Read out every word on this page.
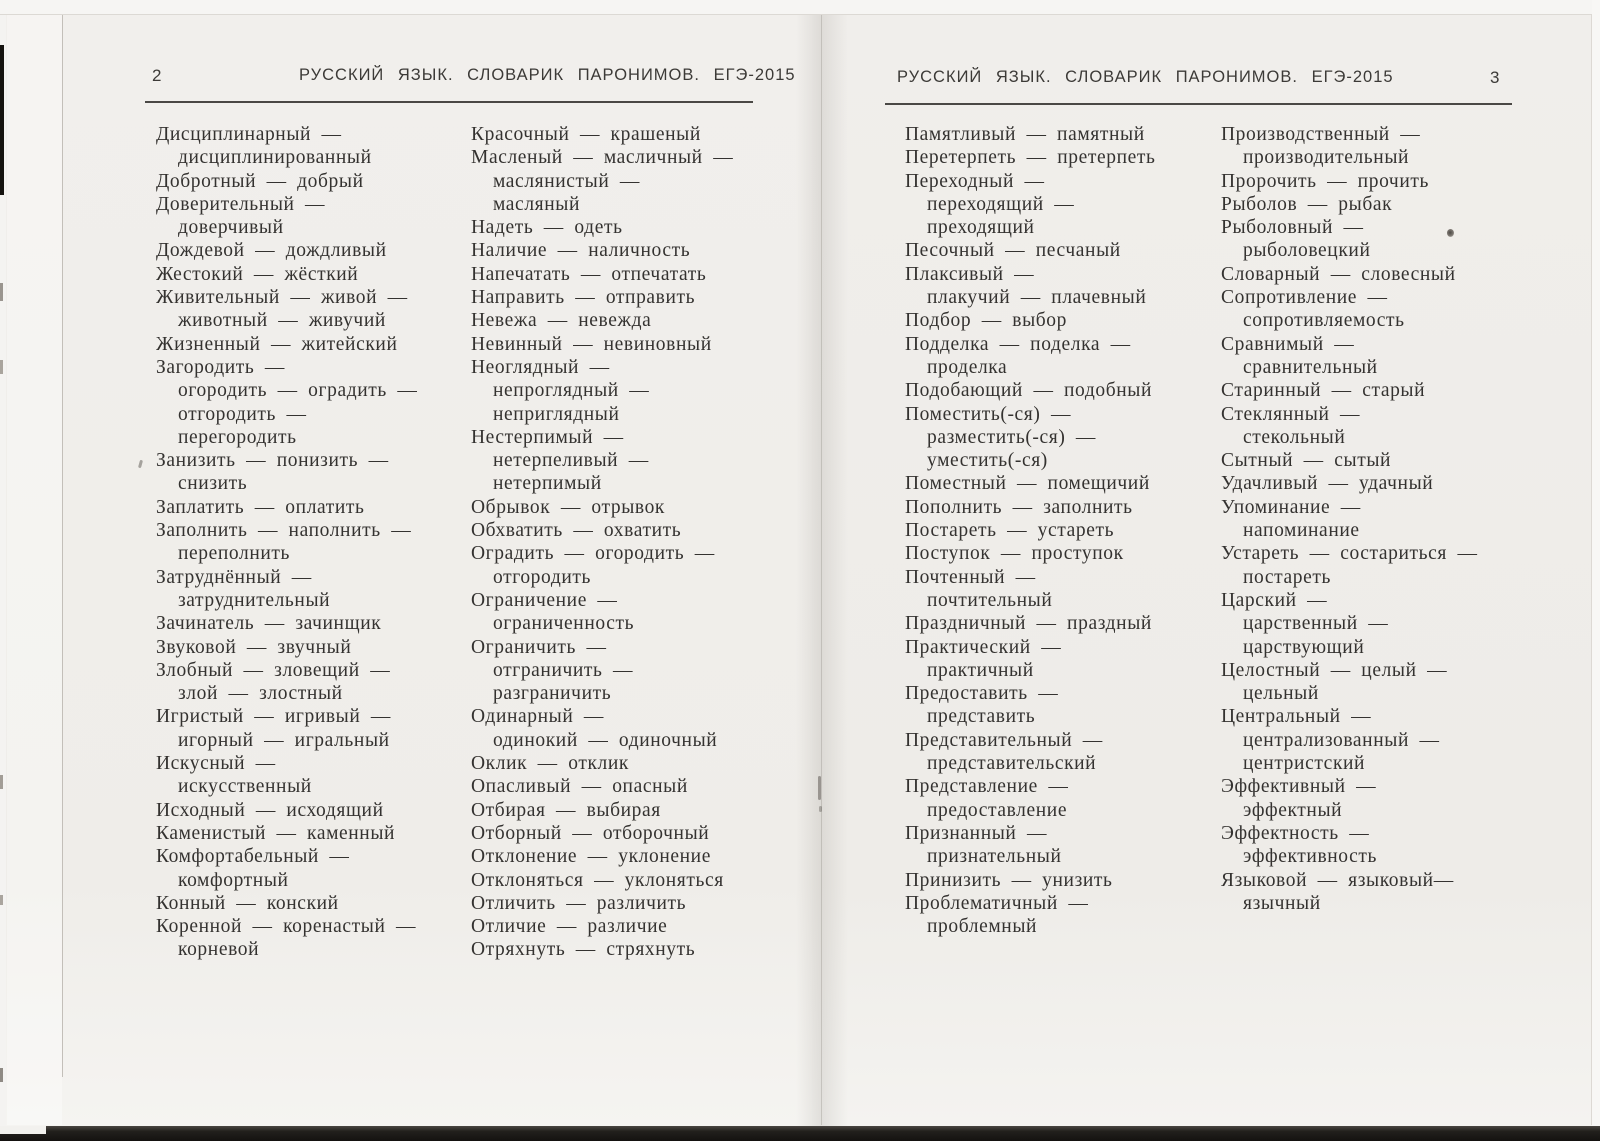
2	РУССКИЙ ЯЗЫК. СЛОВАРИК ПАРОНИМОВ. ЕГЭ-2015	РУССКИЙ ЯЗЫК. СЛОВАРИК ПАРОНИМОВ. ЕГЭ-2015	3
Дисциплинарный —
дисциплинированный
Добротный — добрый
Доверительный —
доверчивый
Дождевой — дождливый
Жестокий — жёсткий
Живительный — живой —
животный — живучий
Жизненный — житейский
Загородить —
огородить — оградить —
отгородить —
перегородить
Занизить — понизить —
снизить
Заплатить — оплатить
Заполнить — наполнить —
переполнить
Затруднённый —
затруднительный
Зачинатель — зачинщик
Звуковой — звучный
Злобный — зловещий —
злой — злостный
Игристый — игривый —
игорный — игральный
Искусный —
искусственный
Исходный — исходящий
Каменистый — каменный
Комфортабельный —
комфортный
Конный — конский
Коренной — коренастый —
корневой
Красочный — крашеный
Масленый — масличный —
маслянистый —
масляный
Надеть — одеть
Наличие — наличность
Напечатать — отпечатать
Направить — отправить
Невежа — невежда
Невинный — невиновный
Неоглядный —
непроглядный —
неприглядный
Нестерпимый —
нетерпеливый —
нетерпимый
Обрывок — отрывок
Обхватить — охватить
Оградить — огородить —
отгородить
Ограничение —
ограниченность
Ограничить —
отграничить —
разграничить
Одинарный —
одинокий — одиночный
Оклик — отклик
Опасливый — опасный
Отбирая — выбирая
Отборный — отборочный
Отклонение — уклонение
Отклоняться — уклоняться
Отличить — различить
Отличие — различие
Отряхнуть — стряхнуть
Памятливый — памятный
Перетерпеть — претерпеть
Переходный —
переходящий —
преходящий
Песочный — песчаный
Плаксивый —
плакучий — плачевный
Подбор — выбор
Подделка — поделка —
проделка
Подобающий — подобный
Поместить(-ся) —
разместить(-ся) —
уместить(-ся)
Поместный — помещичий
Пополнить — заполнить
Постареть — устареть
Поступок — проступок
Почтенный —
почтительный
Праздничный — праздный
Практический —
практичный
Предоставить —
представить
Представительный —
представительский
Представление —
предоставление
Признанный —
признательный
Принизить — унизить
Проблематичный —
проблемный
Производственный —
производительный
Пророчить — прочить
Рыболов — рыбак
Рыболовный —
рыболовецкий
Словарный — словесный
Сопротивление —
сопротивляемость
Сравнимый —
сравнительный
Старинный — старый
Стеклянный —
стекольный
Сытный — сытый
Удачливый — удачный
Упоминание —
напоминание
Устареть — состариться —
постареть
Царский —
царственный —
царствующий
Целостный — целый —
цельный
Центральный —
централизованный —
центристский
Эффективный —
эффектный
Эффектность —
эффективность
Языковой — языковый—
язычный
